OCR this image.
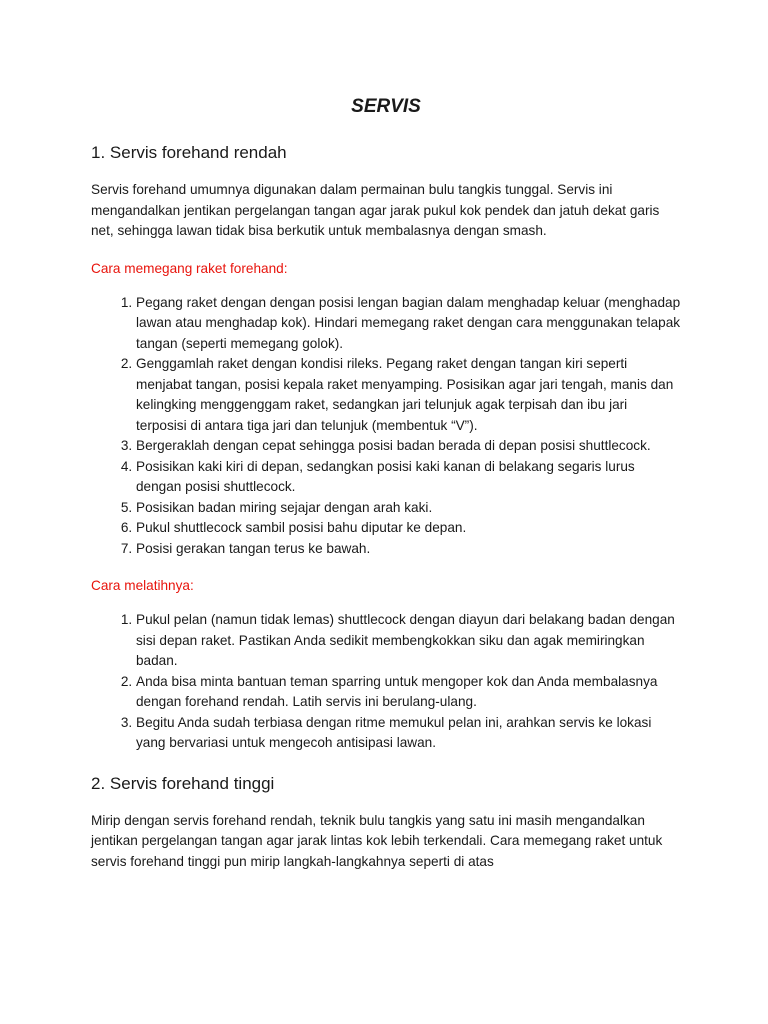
SERVIS
1. Servis forehand rendah

Servis forehand umumnya digunakan dalam permainan bulu tangkis tunggal. Servis ini mengandalkan jentikan pergelangan tangan agar jarak pukul kok pendek dan jatuh dekat garis net, sehingga lawan tidak bisa berkutik untuk membalasnya dengan smash.

Cara memegang raket forehand:
1. Pegang raket dengan dengan posisi lengan bagian dalam menghadap keluar (menghadap lawan atau menghadap kok). Hindari memegang raket dengan cara menggunakan telapak tangan (seperti memegang golok).
2. Genggamlah raket dengan kondisi rileks. Pegang raket dengan tangan kiri seperti menjabat tangan, posisi kepala raket menyamping. Posisikan agar jari tengah, manis dan kelingking menggenggam raket, sedangkan jari telunjuk agak terpisah dan ibu jari terposisi di antara tiga jari dan telunjuk (membentuk “V”).
3. Bergeraklah dengan cepat sehingga posisi badan berada di depan posisi shuttlecock.
4. Posisikan kaki kiri di depan, sedangkan posisi kaki kanan di belakang segaris lurus dengan posisi shuttlecock.
5. Posisikan badan miring sejajar dengan arah kaki.
6. Pukul shuttlecock sambil posisi bahu diputar ke depan.
7. Posisi gerakan tangan terus ke bawah.
Cara melatihnya:
1. Pukul pelan (namun tidak lemas) shuttlecock dengan diayun dari belakang badan dengan sisi depan raket. Pastikan Anda sedikit membengkokkan siku dan agak memiringkan badan.
2. Anda bisa minta bantuan teman sparring untuk mengoper kok dan Anda membalasnya dengan forehand rendah. Latih servis ini berulang-ulang.
3. Begitu Anda sudah terbiasa dengan ritme memukul pelan ini, arahkan servis ke lokasi yang bervariasi untuk mengecoh antisipasi lawan.
2. Servis forehand tinggi

Mirip dengan servis forehand rendah, teknik bulu tangkis yang satu ini masih mengandalkan jentikan pergelangan tangan agar jarak lintas kok lebih terkendali. Cara memegang raket untuk servis forehand tinggi pun mirip langkah-langkahnya seperti di atas
